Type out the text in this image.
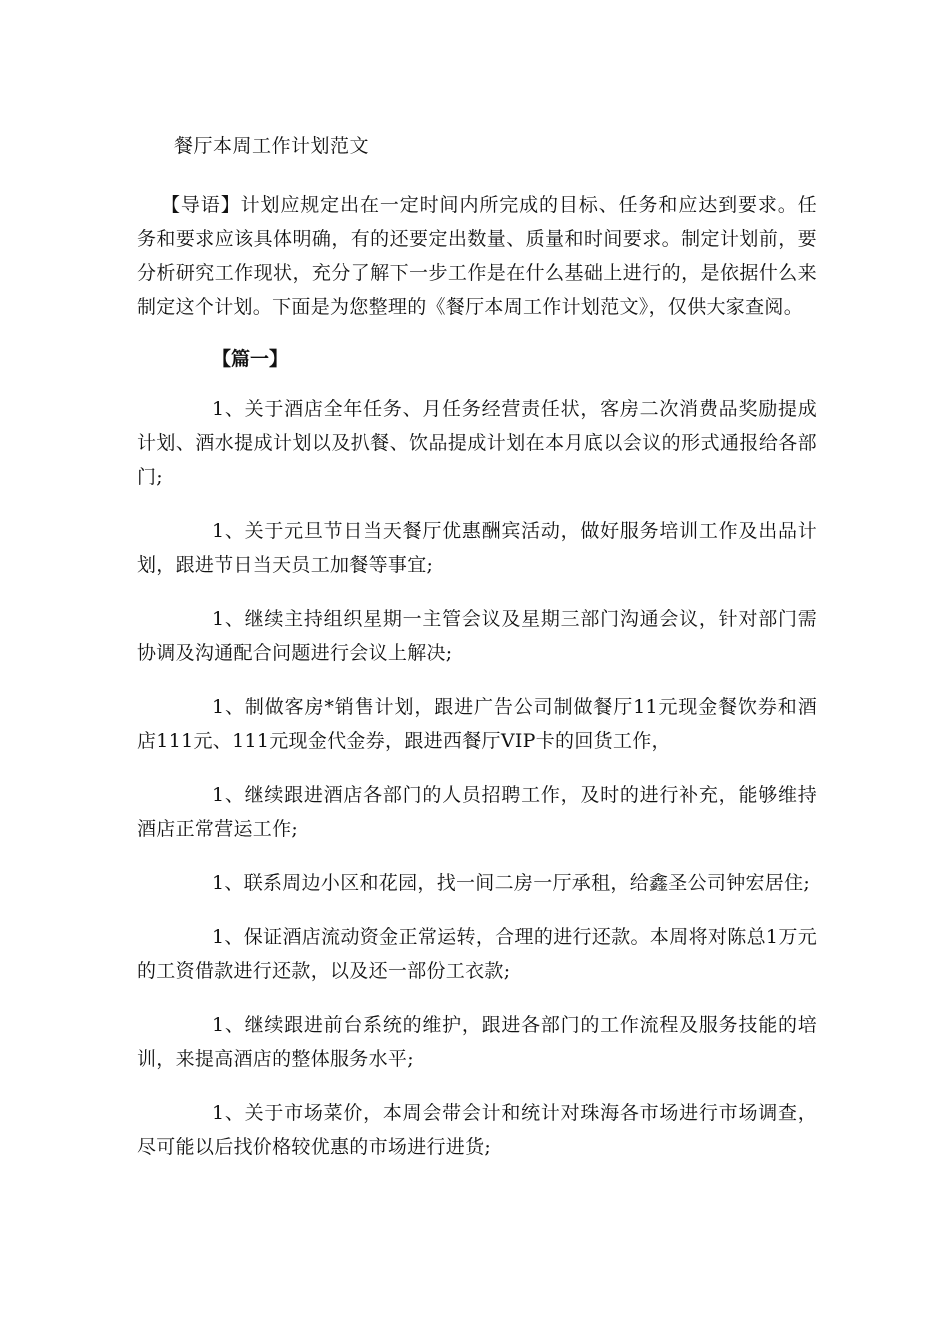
餐厅本周工作计划范文

【导语】计划应规定出在一定时间内所完成的目标、任务和应达到要求。任务和要求应该具体明确，有的还要定出数量、质量和时间要求。制定计划前，要分析研究工作现状，充分了解下一步工作是在什么基础上进行的，是依据什么来制定这个计划。下面是为您整理的《餐厅本周工作计划范文》，仅供大家查阅。

【篇一】

1、关于酒店全年任务、月任务经营责任状，客房二次消费品奖励提成计划、酒水提成计划以及扒餐、饮品提成计划在本月底以会议的形式通报给各部门;

1、关于元旦节日当天餐厅优惠酬宾活动，做好服务培训工作及出品计划，跟进节日当天员工加餐等事宜;

1、继续主持组织星期一主管会议及星期三部门沟通会议，针对部门需协调及沟通配合问题进行会议上解决;

1、制做客房*销售计划，跟进广告公司制做餐厅11元现金餐饮券和酒店111元、111元现金代金券，跟进西餐厅VIP卡的回货工作，

1、继续跟进酒店各部门的人员招聘工作，及时的进行补充，能够维持酒店正常营运工作;

1、联系周边小区和花园，找一间二房一厅承租，给鑫圣公司钟宏居住;

1、保证酒店流动资金正常运转，合理的进行还款。本周将对陈总1万元的工资借款进行还款，以及还一部份工衣款;

1、继续跟进前台系统的维护，跟进各部门的工作流程及服务技能的培训，来提高酒店的整体服务水平;

1、关于市场菜价，本周会带会计和统计对珠海各市场进行市场调查，尽可能以后找价格较优惠的市场进行进货;
